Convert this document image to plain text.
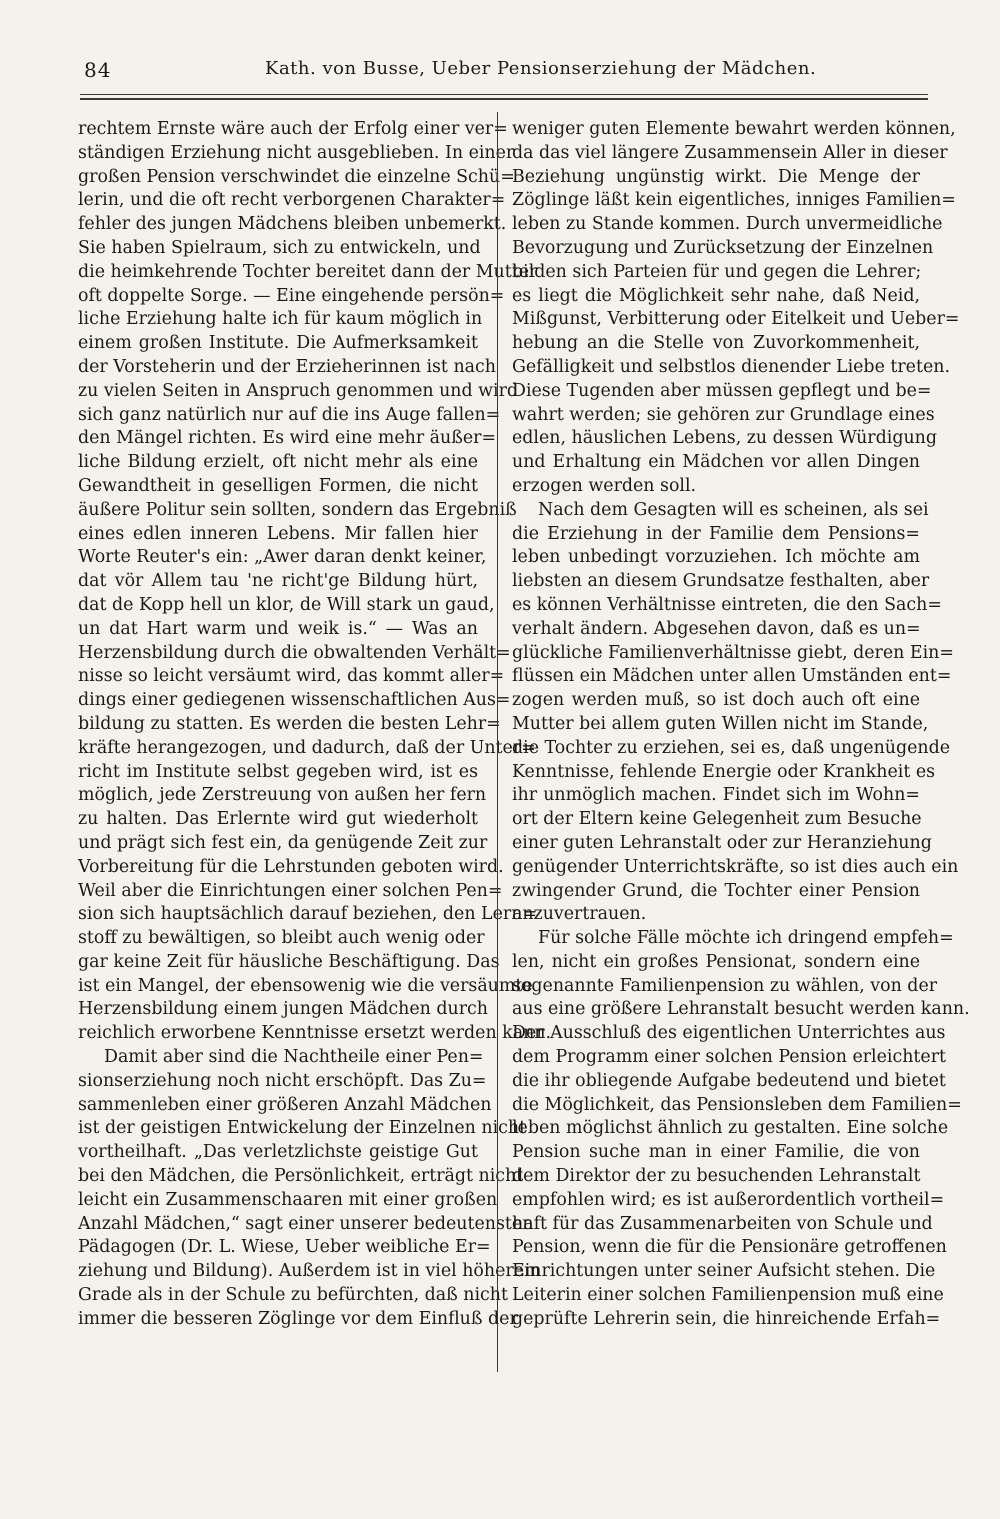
84	Kath. von Busse, Ueber Pensionserziehung der Mädchen.
rechtem Ernste wäre auch der Erfolg einer ver=
ständigen Erziehung nicht ausgeblieben. In einer
großen Pension verschwindet die einzelne Schü=
lerin, und die oft recht verborgenen Charakter=
fehler des jungen Mädchens bleiben unbemerkt.
Sie haben Spielraum, sich zu entwickeln, und
die heimkehrende Tochter bereitet dann der Mutter
oft doppelte Sorge. — Eine eingehende persön=
liche Erziehung halte ich für kaum möglich in
einem großen Institute. Die Aufmerksamkeit
der Vorsteherin und der Erzieherinnen ist nach
zu vielen Seiten in Anspruch genommen und wird
sich ganz natürlich nur auf die ins Auge fallen=
den Mängel richten. Es wird eine mehr äußer=
liche Bildung erzielt, oft nicht mehr als eine
Gewandtheit in geselligen Formen, die nicht
äußere Politur sein sollten, sondern das Ergebniß
eines edlen inneren Lebens. Mir fallen hier
Worte Reuter's ein: „Awer daran denkt keiner,
dat vör Allem tau 'ne richt'ge Bildung hürt,
dat de Kopp hell un klor, de Will stark un gaud,
un dat Hart warm und weik is.“ — Was an
Herzensbildung durch die obwaltenden Verhält=
nisse so leicht versäumt wird, das kommt aller=
dings einer gediegenen wissenschaftlichen Aus=
bildung zu statten. Es werden die besten Lehr=
kräfte herangezogen, und dadurch, daß der Unter=
richt im Institute selbst gegeben wird, ist es
möglich, jede Zerstreuung von außen her fern
zu halten. Das Erlernte wird gut wiederholt
und prägt sich fest ein, da genügende Zeit zur
Vorbereitung für die Lehrstunden geboten wird.
Weil aber die Einrichtungen einer solchen Pen=
sion sich hauptsächlich darauf beziehen, den Lern=
stoff zu bewältigen, so bleibt auch wenig oder
gar keine Zeit für häusliche Beschäftigung. Das
ist ein Mangel, der ebensowenig wie die versäumte
Herzensbildung einem jungen Mädchen durch
reichlich erworbene Kenntnisse ersetzt werden kann.
Damit aber sind die Nachtheile einer Pen=
sionserziehung noch nicht erschöpft. Das Zu=
sammenleben einer größeren Anzahl Mädchen
ist der geistigen Entwickelung der Einzelnen nicht
vortheilhaft. „Das verletzlichste geistige Gut
bei den Mädchen, die Persönlichkeit, erträgt nicht
leicht ein Zusammenschaaren mit einer großen
Anzahl Mädchen,“ sagt einer unserer bedeutensten
Pädagogen (Dr. L. Wiese, Ueber weibliche Er=
ziehung und Bildung). Außerdem ist in viel höherem
Grade als in der Schule zu befürchten, daß nicht
immer die besseren Zöglinge vor dem Einfluß der
weniger guten Elemente bewahrt werden können,
da das viel längere Zusammensein Aller in dieser
Beziehung ungünstig wirkt. Die Menge der
Zöglinge läßt kein eigentliches, inniges Familien=
leben zu Stande kommen. Durch unvermeidliche
Bevorzugung und Zurücksetzung der Einzelnen
bilden sich Parteien für und gegen die Lehrer;
es liegt die Möglichkeit sehr nahe, daß Neid,
Mißgunst, Verbitterung oder Eitelkeit und Ueber=
hebung an die Stelle von Zuvorkommenheit,
Gefälligkeit und selbstlos dienender Liebe treten.
Diese Tugenden aber müssen gepflegt und be=
wahrt werden; sie gehören zur Grundlage eines
edlen, häuslichen Lebens, zu dessen Würdigung
und Erhaltung ein Mädchen vor allen Dingen
erzogen werden soll.
Nach dem Gesagten will es scheinen, als sei
die Erziehung in der Familie dem Pensions=
leben unbedingt vorzuziehen. Ich möchte am
liebsten an diesem Grundsatze festhalten, aber
es können Verhältnisse eintreten, die den Sach=
verhalt ändern. Abgesehen davon, daß es un=
glückliche Familienverhältnisse giebt, deren Ein=
flüssen ein Mädchen unter allen Umständen ent=
zogen werden muß, so ist doch auch oft eine
Mutter bei allem guten Willen nicht im Stande,
die Tochter zu erziehen, sei es, daß ungenügende
Kenntnisse, fehlende Energie oder Krankheit es
ihr unmöglich machen. Findet sich im Wohn=
ort der Eltern keine Gelegenheit zum Besuche
einer guten Lehranstalt oder zur Heranziehung
genügender Unterrichtskräfte, so ist dies auch ein
zwingender Grund, die Tochter einer Pension
anzuvertrauen.
Für solche Fälle möchte ich dringend empfeh=
len, nicht ein großes Pensionat, sondern eine
sogenannte Familienpension zu wählen, von der
aus eine größere Lehranstalt besucht werden kann.
Der Ausschluß des eigentlichen Unterrichtes aus
dem Programm einer solchen Pension erleichtert
die ihr obliegende Aufgabe bedeutend und bietet
die Möglichkeit, das Pensionsleben dem Familien=
leben möglichst ähnlich zu gestalten. Eine solche
Pension suche man in einer Familie, die von
dem Direktor der zu besuchenden Lehranstalt
empfohlen wird; es ist außerordentlich vortheil=
haft für das Zusammenarbeiten von Schule und
Pension, wenn die für die Pensionäre getroffenen
Einrichtungen unter seiner Aufsicht stehen. Die
Leiterin einer solchen Familienpension muß eine
geprüfte Lehrerin sein, die hinreichende Erfah=
